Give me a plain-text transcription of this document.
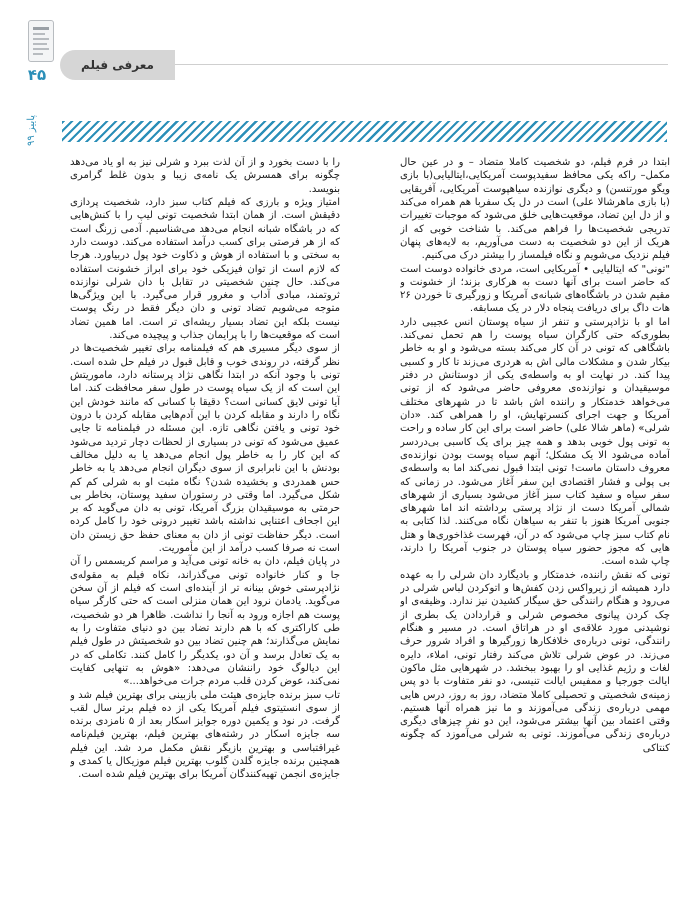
۴۵
پاییز ۹۹
معرفی فیلم

ابتدا در فرم فیلم، دو شخصیت کاملا متضاد – و در عین حال مکمل– راکه یکی محافظ سفیدپوست آمریکایی،ایتالیایی(با بازی ویگو مورتنسن) و دیگری نوازنده سیاهپوست آمریکایی، آفریقایی (با بازی ماهرشالا علی) است در دل یک سفربا هم همراه می‌کند و از دل این تضاد، موقعیت‌هایی خلق می‌شود که موجبات تغییرات تدریجی شخصیت‌ها را فراهم می‌کند. با شناخت خوبی که از هریک از این دو شخصیت به دست می‌آوریم، به لایه‌های پنهان فیلم نزدیک می‌شویم و نگاه فیلمساز را بیشتر درک می‌کنیم.

"تونی" که ایتالیایی • آمریکایی است، مردی خانواده دوست است که حاضر است برای آنها دست به هرکاری بزند؛ از خشونت و مقیم شدن در باشگاه‌های شبانه‌ی آمریکا و زورگیری تا خوردن ۲۶ هات داگ برای دریافت پنجاه دلار در یک مسابقه.

اما او با نژادپرستی و تنفر از سیاه پوستان انس عجیبی دارد بطوری‌که حتی کارگران سیاه پوست را هم تحمل نمی‌کند. باشگاهی که تونی در آن کار می‌کند بسته می‌شود و او به خاطر بیکار شدن و مشکلات مالی اش به هردری می‌زند تا کار و کسبی پیدا کند. در نهایت او به واسطه‌ی یکی از دوستانش در دفتر موسیقیدان و نوازنده‌ی معروفی حاضر می‌شود که از تونی می‌خواهد خدمتکار و راننده اش باشد تا در شهرهای مختلف آمریکا و جهت اجرای کنسرتهایش، او را همراهی کند. «دان شرلی» (ماهر شالا علی) حاضر است برای این کار ساده و راحت به تونی پول خوبی بدهد و همه چیز برای یک کاسبی بی‌دردسر آماده می‌شود الا یک مشکل؛ آنهم سیاه پوست بودن نوازنده‌ی معروف داستان ماست! تونی ابتدا قبول نمی‌کند اما به واسطه‌ی بی پولی و فشار اقتصادی این سفر آغاز می‌شود. در زمانی که سفر سیاه و سفید کتاب سبز آغاز می‌شود بسیاری از شهرهای شمالی آمریکا دست از نژاد پرستی برداشته اند اما شهرهای جنوبی آمریکا هنوز با تنفر به سیاهان نگاه می‌کنند. لذا کتابی به نام کتاب سبز چاپ می‌شود که در آن، فهرست غذاخوری‌ها و هتل هایی که مجوز حضور سیاه پوستان در جنوب آمریکا را دارند، چاپ شده است.

تونی که نقش راننده، خدمتکار و بادیگارد دان شرلی را به عهده دارد همیشه از زیرواکس زدن کفش‌ها و اتوکردن لباس شرلی در می‌رود و هنگام رانندگی حق سیگار کشیدن نیز ندارد. وظیفه‌ی او چک کردن پیانوی مخصوص شرلی و قراردادن یک بطری از نوشیدنی مورد علاقه‌ی او در هراتاق است. در مسیر و هنگام رانندگی، تونی درباره‌ی خلافکارها زورگیرها و افراد شرور حرف می‌زند. در عوض شرلی تلاش می‌کند رفتار تونی، املاء، دایره لغات و رژیم غذایی او را بهبود ببخشد. در شهرهایی مثل ماکون ایالت جورجیا و ممفیس ایالت تنیسی، دو نفر متفاوت با دو پس زمینه‌ی شخصیتی و تحصیلی کاملا متضاد، روز به روز، درس هایی مهمی درباره‌ی زندگی می‌آموزند و ما نیز همراه آنها هستیم. وقتی اعتماد بین آنها بیشتر می‌شود، این دو نفر چیزهای دیگری درباره‌ی زندگی می‌آموزند. تونی به شرلی می‌آموزد که چگونه کنتاکی

را با دست بخورد و از آن لذت ببرد و شرلی نیز به او یاد می‌دهد چگونه برای همسرش یک نامه‌ی زیبا و بدون غلط گرامری بنویسد.

امتیاز ویژه و بارزی که فیلم کتاب سبز دارد، شخصیت پردازی دقیقش است. از همان ابتدا شخصیت تونی لیپ را با کنش‌هایی که در باشگاه شبانه انجام می‌دهد می‌شناسیم. آدمی زرنگ است که از هر فرصتی برای کسب درآمد استفاده می‌کند. دوست دارد به سختی و با استفاده از هوش و ذکاوت خود پول دربیاورد. هرجا که لازم است از توان فیزیکی خود برای ابراز خشونت استفاده می‌کند. حال چنین شخصیتی در تقابل با دان شرلی نوازنده ثروتمند، مبادی آداب و مغرور قرار می‌گیرد. با این ویژگی‌ها متوجه می‌شویم تضاد تونی و دان دیگر فقط در رنگ پوست نیست بلکه این تضاد بسیار ریشه‌ای تر است. اما همین تضاد است که موقعیت‌ها را با پرایمان جذاب و پیچیده می‌کند.

از سوی دیگر مسیری هم که فیلمنامه برای تغییر شخصیت‌ها در نظر گرفته، در روندی خوب و قابل قبول در فیلم حل شده است. تونی با وجود آنکه در ابتدا نگاهی نژاد پرستانه دارد، ماموریتش این است که از یک سیاه پوست در طول سفر محافظت کند. اما آیا تونی لایق کسانی است؟ دقیقا با کسانی که مانند خودش این نگاه را دارند و مقابله کردن با این آدم‌هایی مقابله کردن با درون خود تونی و یافتن نگاهی تازه. این مسئله در فیلمنامه تا جایی عمیق می‌شود که تونی در بسیاری از لحظات دچار تردید می‌شود که این کار را به خاطر پول انجام می‌دهد یا به دلیل مخالف بودنش با این نابرابری از سوی دیگران انجام می‌دهد یا به خاطر حس همدردی و بخشیده شدن؟ نگاه مثبت او به شرلی کم کم شکل می‌گیرد. اما وقتی در رستوران سفید پوستان، بخاطر بی حرمتی به موسیقیدان بزرگ آمریکا، تونی به دان می‌گوید که بر این اجحاف اعتنایی نداشته باشد تغییر درونی خود را کامل کرده است. دیگر حفاظت تونی از دان به معنای حفظ حق زیستن دان است نه صرفا کسب درآمد از این مأموریت.

در پایان فیلم، دان به خانه تونی می‌آید و مراسم کریسمس را آن جا و کنار خانواده تونی می‌گذراند، نکاه فیلم به مقوله‌ی نژادپرستی خوش بینانه تر از آینده‌ای است که فیلم از آن سخن می‌گوید. یادمان نرود این همان منزلی است که حتی کارگر سیاه پوست هم اجازه ورود به آنجا را نداشت. ظاهرا هر دو شخصیت، طی کاراکتری که با هم دارند تضاد بین دو دنیای متفاوت را به نمایش می‌گذارند؛ هم چنین تضاد بین دو شخصیتش در طول فیلم به یک تعادل برسد و آن دو، یکدیگر را کامل کنند. تکاملی که در این دیالوگ خود راننشان می‌دهد: «هوش به تنهایی کفایت نمی‌کند، عوض کردن قلب مردم جرات می‌خواهد...»

تاب سبز برنده جایزه‌ی هیئت ملی بازبینی برای بهترین فیلم شد و از سوی انستیتوی فیلم آمریکا یکی از ده فیلم برتر سال لقب گرفت. در نود و یکمین دوره جوایز اسکار بعد از ۵ نامزدی برنده سه جایزه اسکار در رشته‌های بهترین فیلم، بهترین فیلم‌نامه غیراقتباسی و بهترین بازیگر نقش مکمل مرد شد. این فیلم همچنین برنده جایزه گلدن گلوب بهترین فیلم موزیکال یا کمدی و جایزه‌ی انجمن تهیه‌کنندگان آمریکا برای بهترین فیلم شده است.
